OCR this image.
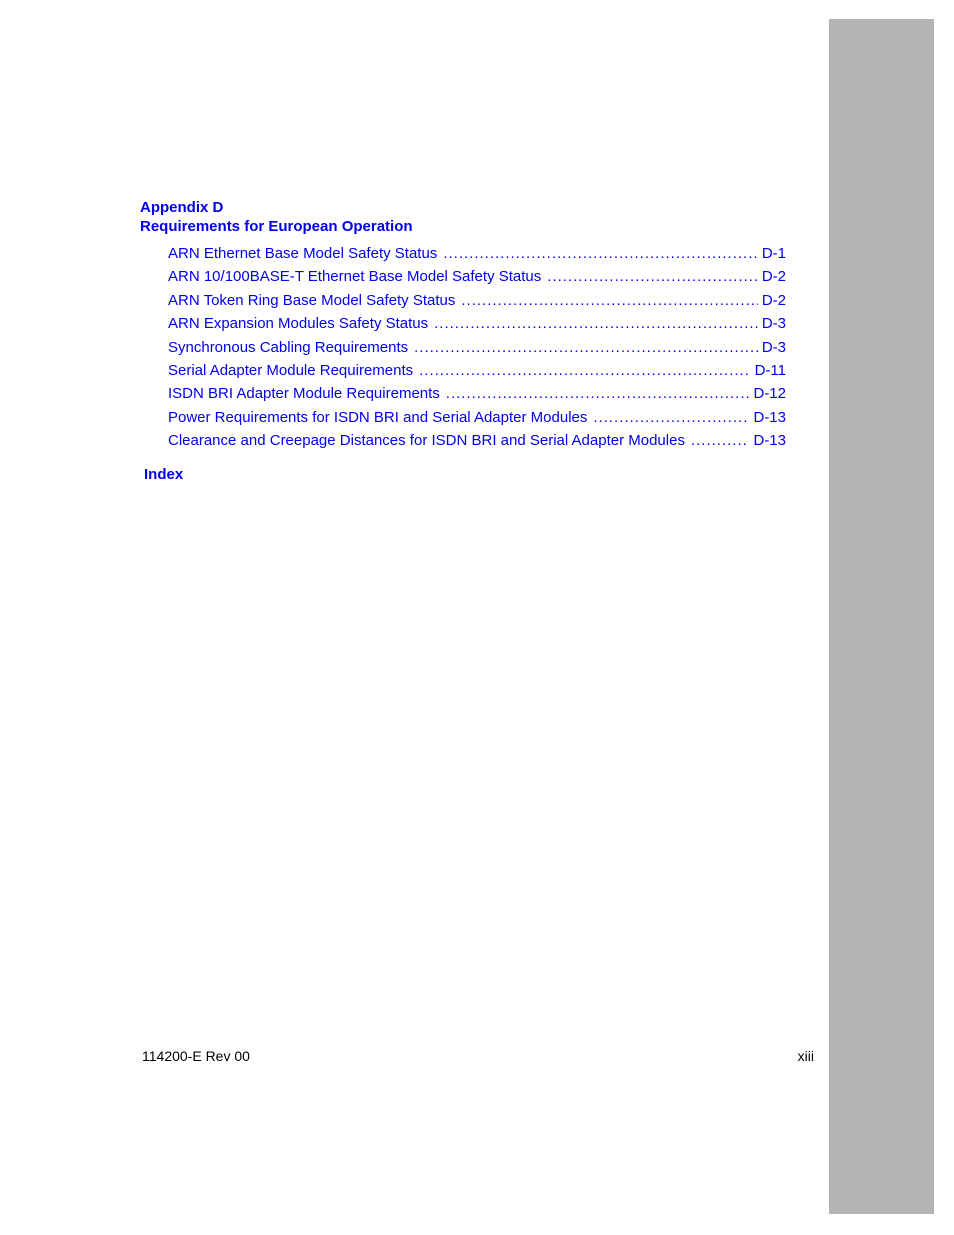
Appendix D
Requirements for European Operation
ARN Ethernet Base Model Safety Status .....	D-1
ARN 10/100BASE-T Ethernet Base Model Safety Status .....	D-2
ARN Token Ring Base Model Safety Status .....	D-2
ARN Expansion Modules Safety Status .....	D-3
Synchronous Cabling Requirements .....	D-3
Serial Adapter Module Requirements .....	D-11
ISDN BRI Adapter Module Requirements .....	D-12
Power Requirements for ISDN BRI and Serial Adapter Modules .....	D-13
Clearance and Creepage Distances for ISDN BRI and Serial Adapter Modules .....	D-13
Index
114200-E Rev 00	xiii
